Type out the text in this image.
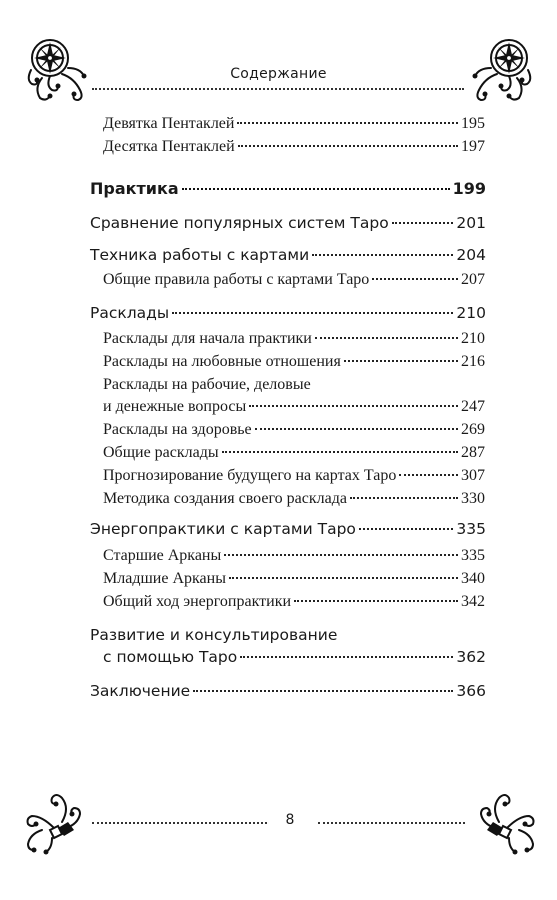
Содержание
Девятка Пентаклей	195
Десятка Пентаклей	197
Практика	199
Сравнение популярных систем Таро	201
Техника работы с картами	204
Общие правила работы с картами Таро	207
Расклады	210
Расклады для начала практики	210
Расклады на любовные отношения	216
Расклады на рабочие, деловые
и денежные вопросы	247
Расклады на здоровье	269
Общие расклады	287
Прогнозирование будущего на картах Таро	307
Методика создания своего расклада	330
Энергопрактики с картами Таро	335
Старшие Арканы	335
Младшие Арканы	340
Общий ход энергопрактики	342
Развитие и консультирование
с помощью Таро	362
Заключение	366
8
